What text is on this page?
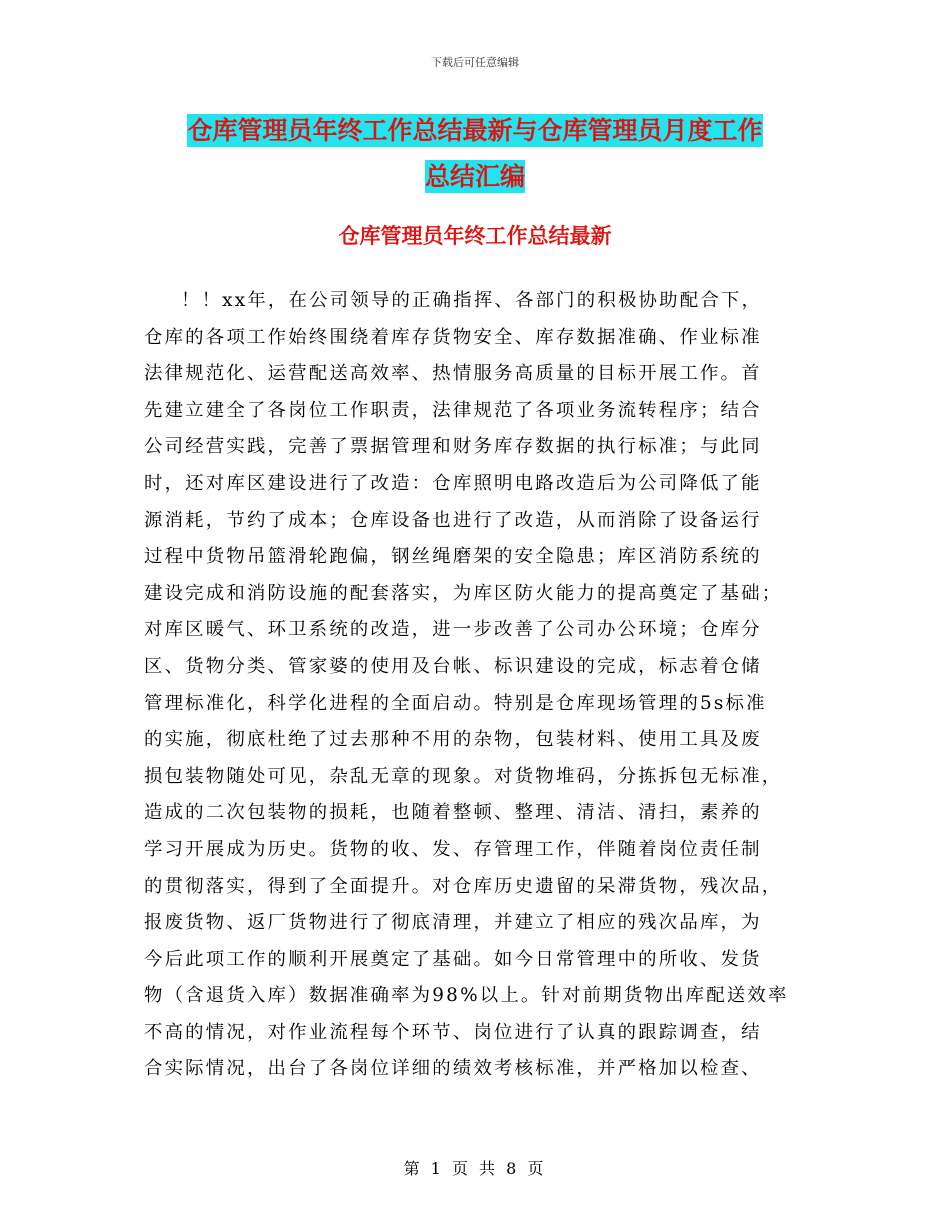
下载后可任意编辑
仓库管理员年终工作总结最新与仓库管理员月度工作
总结汇编
仓库管理员年终工作总结最新
！！xx年，在公司领导的正确指挥、各部门的积极协助配合下，
仓库的各项工作始终围绕着库存货物安全、库存数据准确、作业标准
法律规范化、运营配送高效率、热情服务高质量的目标开展工作。首
先建立建全了各岗位工作职责，法律规范了各项业务流转程序；结合
公司经营实践，完善了票据管理和财务库存数据的执行标准；与此同
时，还对库区建设进行了改造：仓库照明电路改造后为公司降低了能
源消耗，节约了成本；仓库设备也进行了改造，从而消除了设备运行
过程中货物吊篮滑轮跑偏，钢丝绳磨架的安全隐患；库区消防系统的
建设完成和消防设施的配套落实，为库区防火能力的提高奠定了基础；
对库区暖气、环卫系统的改造，进一步改善了公司办公环境；仓库分
区、货物分类、管家婆的使用及台帐、标识建设的完成，标志着仓储
管理标准化，科学化进程的全面启动。特别是仓库现场管理的5s标准
的实施，彻底杜绝了过去那种不用的杂物，包装材料、使用工具及废
损包装物随处可见，杂乱无章的现象。对货物堆码，分拣拆包无标准，
造成的二次包装物的损耗，也随着整顿、整理、清洁、清扫，素养的
学习开展成为历史。货物的收、发、存管理工作，伴随着岗位责任制
的贯彻落实，得到了全面提升。对仓库历史遗留的呆滞货物，残次品，
报废货物、返厂货物进行了彻底清理，并建立了相应的残次品库，为
今后此项工作的顺利开展奠定了基础。如今日常管理中的所收、发货
物（含退货入库）数据准确率为98%以上。针对前期货物出库配送效率
不高的情况，对作业流程每个环节、岗位进行了认真的跟踪调查，结
合实际情况，出台了各岗位详细的绩效考核标准，并严格加以检查、
第 1 页 共 8 页
